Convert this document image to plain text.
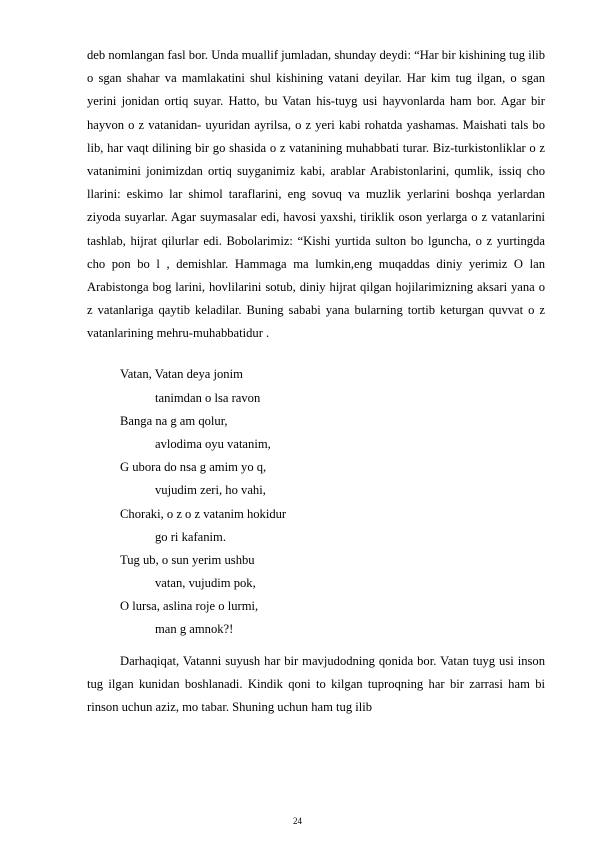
deb nomlangan fasl bor. Unda muallif jumladan, shunday deydi: “Har bir kishining tug ilib o sgan shahar va mamlakatini shul kishining vatani deyilar. Har kim tug ilgan, o sgan yerini jonidan ortiq suyar. Hatto, bu Vatan his-tuyg usi hayvonlarda ham bor. Agar bir hayvon o z vatanidan- uyuridan ayrilsa, o z yeri kabi rohatda yashamas. Maishati tals bo lib, har vaqt dilining bir go shasida o z vatanining muhabbati turar. Biz-turkistonliklar o z vatanimini jonimizdan ortiq suyganimiz kabi, arablar Arabistonlarini, qumlik, issiq cho llarini: eskimo lar shimol taraflarini, eng sovuq va muzlik yerlarini boshqa yerlardan ziyoda suyarlar. Agar suymasalar edi, havosi yaxshi, tiriklik oson yerlarga o z vatanlarini tashlab, hijrat qilurlar edi. Bobolarimiz: “Kishi yurtida sulton bo lguncha, o z yurtingda cho pon bo l , demishlar. Hammaga ma lumkin,eng muqaddas diniy yerimiz O lan Arabistonga bog larini, hovlilarini sotub, diniy hijrat qilgan hojilarimizning aksari yana o z vatanlariga qaytib keladilar. Buning sababi yana bularning tortib keturgan quvvat o z vatanlarining mehru-muhabbatidur .

Vatan, Vatan deya jonim
tanimdan o lsa ravon
Banga na g am qolur,
avlodima oyu vatanim,
G ubora do nsa g amim yo q,
vujudim zeri, ho vahi,
Choraki, o z o z vatanim hokidur
go ri kafanim.
Tug ub, o sun yerim ushbu
vatan, vujudim pok,
O lursa, aslina roje o lurmi,
man g amnok?!

Darhaqiqat, Vatanni suyush har bir mavjudodning qonida bor. Vatan tuyg usi inson tug ilgan kunidan boshlanadi. Kindik qoni to kilgan tuproqning har bir zarrasi ham bi rinson uchun aziz, mo tabar. Shuning uchun ham tug ilib

24
